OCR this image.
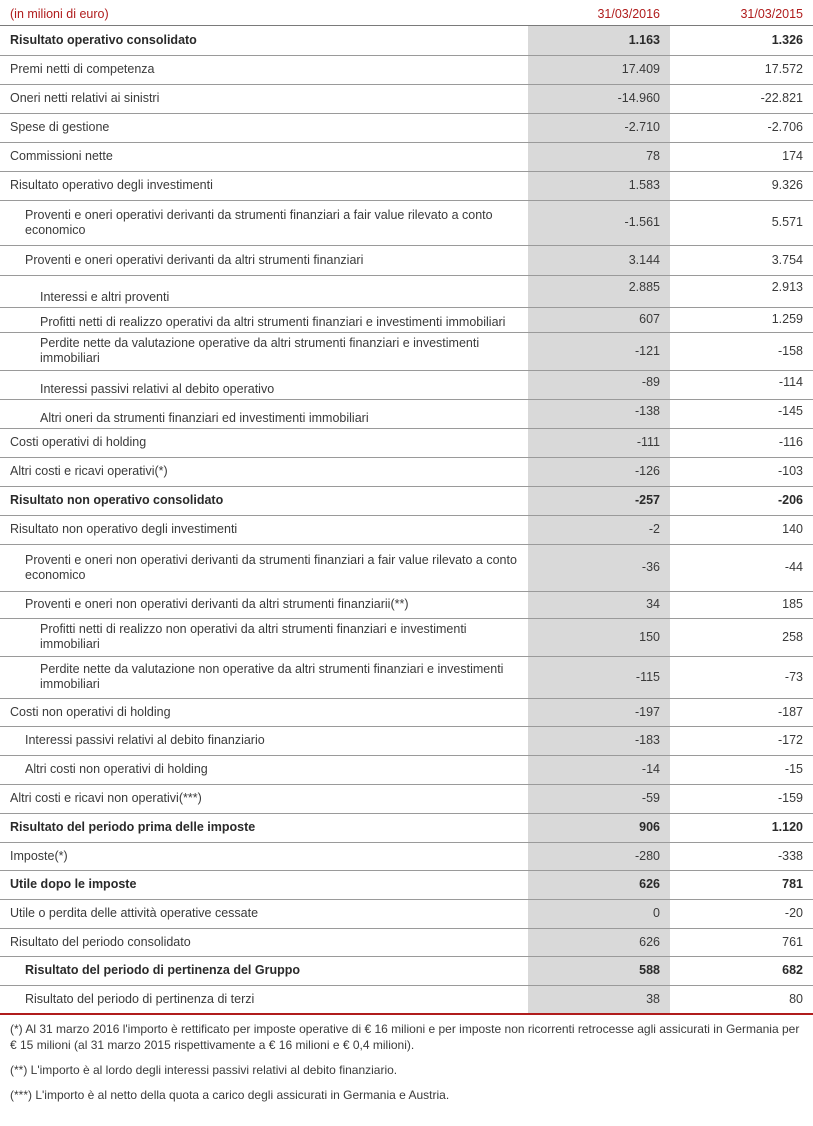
(in milioni di euro)	31/03/2016	31/03/2015
Risultato operativo consolidato	1.163	1.326
Premi netti di competenza	17.409	17.572
Oneri netti relativi ai sinistri	-14.960	-22.821
Spese di gestione	-2.710	-2.706
Commissioni nette	78	174
Risultato operativo degli investimenti	1.583	9.326
Proventi e oneri operativi derivanti da strumenti finanziari a fair value rilevato a conto economico	-1.561	5.571
Proventi e oneri operativi derivanti da altri strumenti finanziari	3.144	3.754
Interessi e altri proventi	2.885	2.913
Profitti netti di realizzo operativi da altri strumenti finanziari e investimenti immobiliari	607	1.259
Perdite nette da valutazione operative da altri strumenti finanziari e investimenti immobiliari	-121	-158
Interessi passivi relativi al debito operativo	-89	-114
Altri oneri da strumenti finanziari ed investimenti immobiliari	-138	-145
Costi operativi di holding	-111	-116
Altri costi e ricavi operativi(*)	-126	-103
Risultato non operativo consolidato	-257	-206
Risultato non operativo degli investimenti	-2	140
Proventi e oneri non operativi derivanti da strumenti finanziari a fair value rilevato a conto economico	-36	-44
Proventi e oneri non operativi derivanti da altri strumenti finanziarii(**)	34	185
Profitti netti di realizzo non operativi da altri strumenti finanziari e investimenti immobiliari	150	258
Perdite nette da valutazione non operative da altri strumenti finanziari e investimenti immobiliari	-115	-73
Costi non operativi di holding	-197	-187
Interessi passivi relativi al debito finanziario	-183	-172
Altri costi non operativi di holding	-14	-15
Altri costi e ricavi non operativi(***)	-59	-159
Risultato del periodo prima delle imposte	906	1.120
Imposte(*)	-280	-338
Utile dopo le imposte	626	781
Utile o perdita delle attività operative cessate	0	-20
Risultato del periodo consolidato	626	761
Risultato del periodo di pertinenza del Gruppo	588	682
Risultato del periodo di pertinenza di terzi	38	80

(*) Al 31 marzo 2016 l'importo è rettificato per imposte operative di € 16 milioni e per imposte non ricorrenti retrocesse agli assicurati in Germania per € 15 milioni (al 31 marzo 2015 rispettivamente a € 16 milioni e € 0,4 milioni).

(**) L'importo è al lordo degli interessi passivi relativi al debito finanziario.

(***) L'importo è al netto della quota a carico degli assicurati in Germania e Austria.
